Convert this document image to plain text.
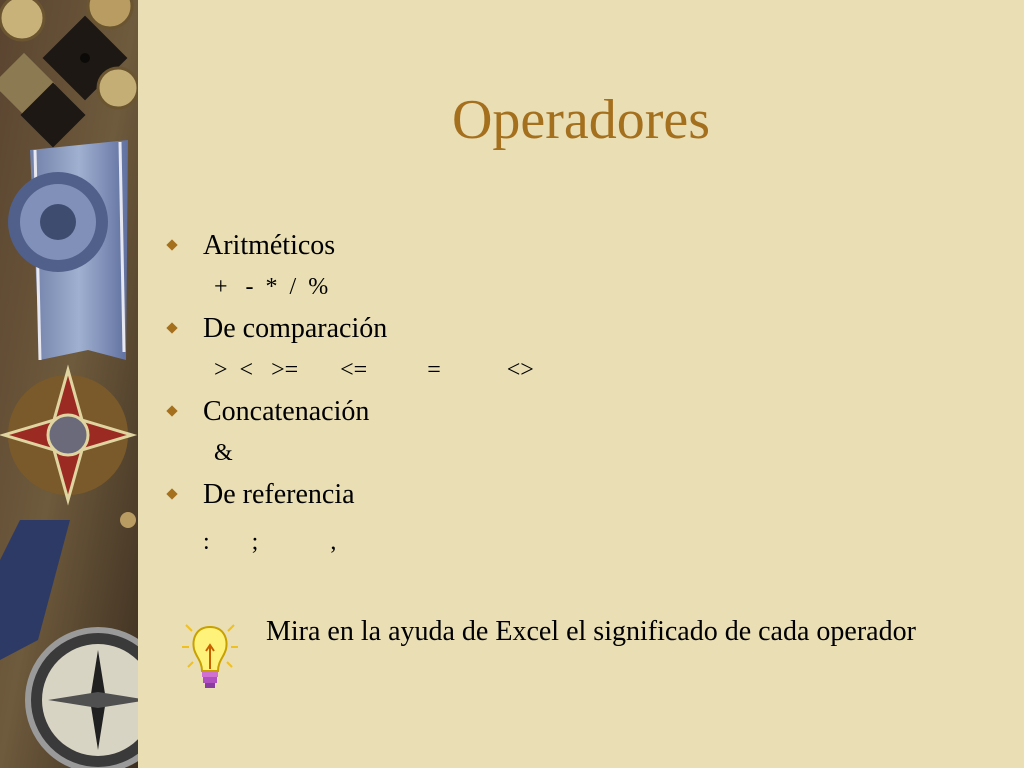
Operadores
Aritméticos
+   -  *  /  %
De comparación
>  <   >=       <=          =           <>
Concatenación
&
De referencia
:       ;            ,
Mira en la ayuda de Excel el significado de cada operador
